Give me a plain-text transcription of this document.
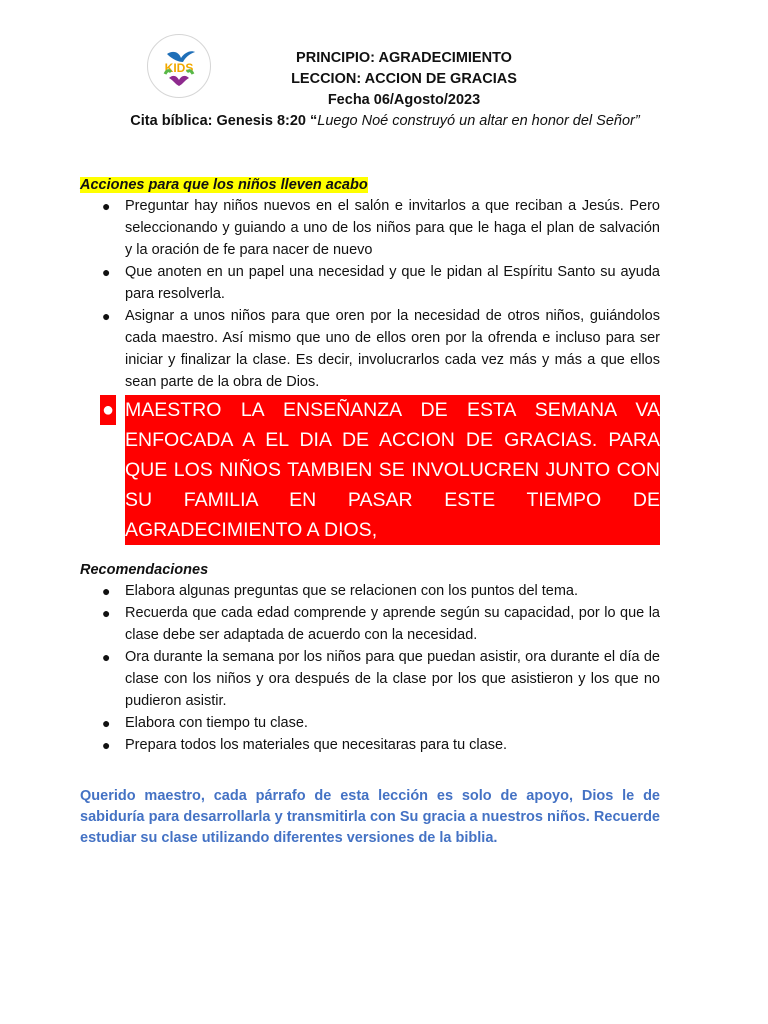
KIDS
PRINCIPIO: AGRADECIMIENTO
LECCION: ACCION DE GRACIAS
Fecha 06/Agosto/2023
Cita bíblica: Genesis 8:20 “Luego Noé construyó un altar en honor del Señor”
Acciones para que los niños lleven acabo
● Preguntar hay niños nuevos en el salón e invitarlos a que reciban a Jesús. Pero seleccionando y guiando a uno de los niños para que le haga el plan de salvación y la oración de fe para nacer de nuevo
● Que anoten en un papel una necesidad y que le pidan al Espíritu Santo su ayuda para resolverla.
● Asignar a unos niños para que oren por la necesidad de otros niños, guiándolos cada maestro. Así mismo que uno de ellos oren por la ofrenda e incluso para ser iniciar y finalizar la clase. Es decir, involucrarlos cada vez más y más a que ellos sean parte de la obra de Dios.
● MAESTRO LA ENSEÑANZA DE ESTA SEMANA VA ENFOCADA A EL DIA DE ACCION DE GRACIAS. PARA QUE LOS NIÑOS TAMBIEN SE INVOLUCREN JUNTO CON SU FAMILIA EN PASAR ESTE TIEMPO DE AGRADECIMIENTO A DIOS,
Recomendaciones
● Elabora algunas preguntas que se relacionen con los puntos del tema.
● Recuerda que cada edad comprende y aprende según su capacidad, por lo que la clase debe ser adaptada de acuerdo con la necesidad.
● Ora durante la semana por los niños para que puedan asistir, ora durante el día de clase con los niños y ora después de la clase por los que asistieron y los que no pudieron asistir.
● Elabora con tiempo tu clase.
● Prepara todos los materiales que necesitaras para tu clase.
Querido maestro, cada párrafo de esta lección es solo de apoyo, Dios le de sabiduría para desarrollarla y transmitirla con Su gracia a nuestros niños. Recuerde estudiar su clase utilizando diferentes versiones de la biblia.
